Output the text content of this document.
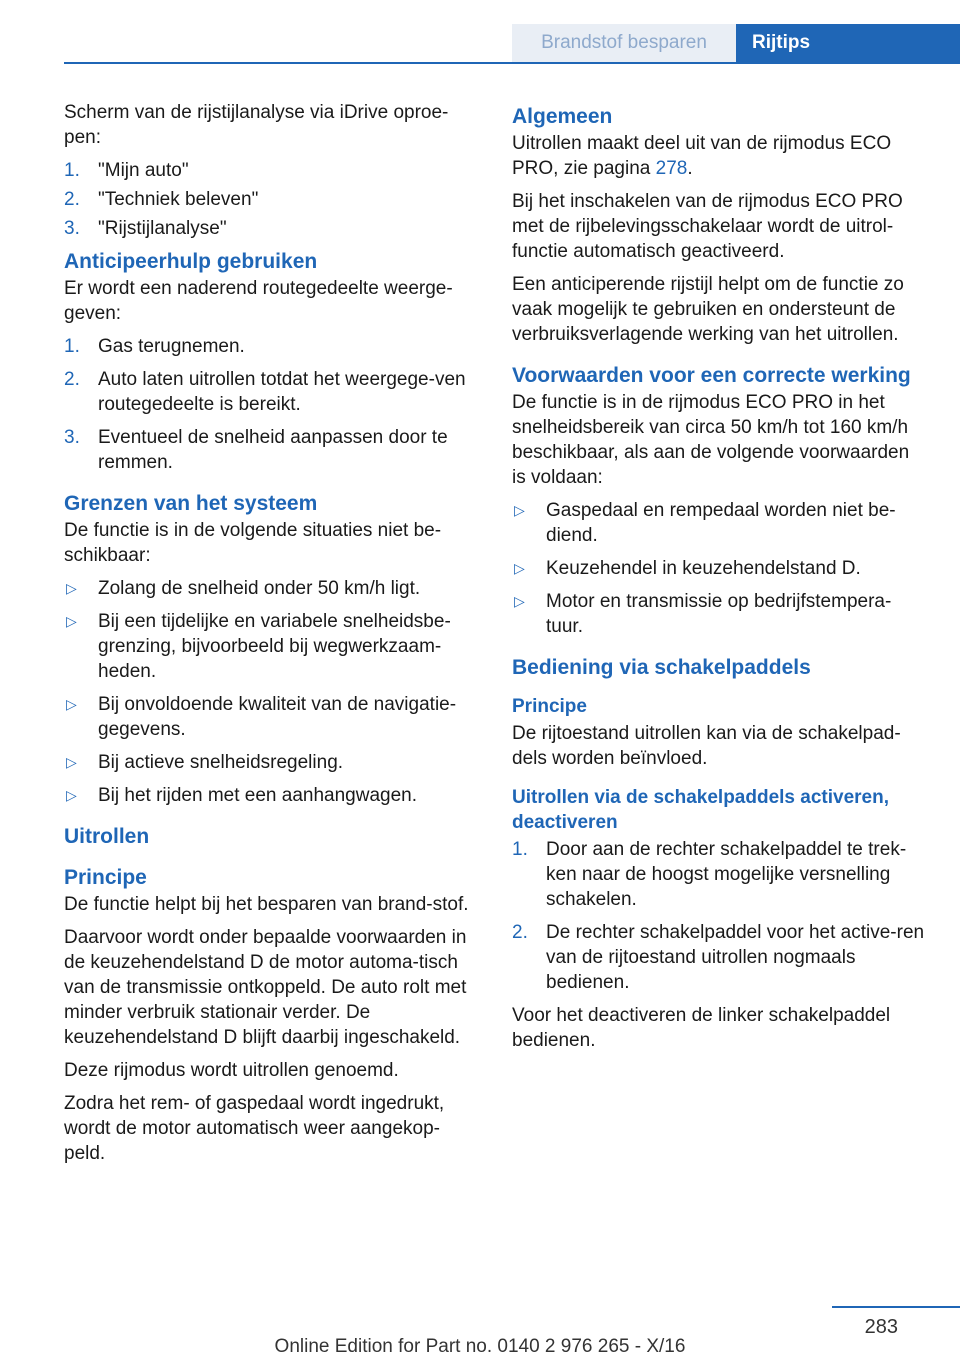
Brandstof besparen	Rijtips

Scherm van de rijstijlanalyse via iDrive oproe-pen:

1. "Mijn auto"
2. "Techniek beleven"
3. "Rijstijlanalyse"
Anticipeerhulp gebruiken

Er wordt een naderend routegedeelte weerge-geven:

1. Gas terugnemen.
2. Auto laten uitrollen totdat het weergege-ven routegedeelte is bereikt.
3. Eventueel de snelheid aanpassen door te remmen.
Grenzen van het systeem

De functie is in de volgende situaties niet be-schikbaar:

▷ Zolang de snelheid onder 50 km/h ligt.
▷ Bij een tijdelijke en variabele snelheidsbe-grenzing, bijvoorbeeld bij wegwerkzaam-heden.
▷ Bij onvoldoende kwaliteit van de navigatie-gegevens.
▷ Bij actieve snelheidsregeling.
▷ Bij het rijden met een aanhangwagen.
Uitrollen
Principe

De functie helpt bij het besparen van brand-stof.

Daarvoor wordt onder bepaalde voorwaarden in de keuzehendelstand D de motor automa-tisch van de transmissie ontkoppeld. De auto rolt met minder verbruik stationair verder. De keuzehendelstand D blijft daarbij ingeschakeld.

Deze rijmodus wordt uitrollen genoemd.

Zodra het rem- of gaspedaal wordt ingedrukt, wordt de motor automatisch weer aangekop-peld.

Algemeen

Uitrollen maakt deel uit van de rijmodus ECO PRO, zie pagina 278.

Bij het inschakelen van de rijmodus ECO PRO met de rijbelevingsschakelaar wordt de uitrol-functie automatisch geactiveerd.

Een anticiperende rijstijl helpt om de functie zo vaak mogelijk te gebruiken en ondersteunt de verbruiksverlagende werking van het uitrollen.

Voorwaarden voor een correcte werking

De functie is in de rijmodus ECO PRO in het snelheidsbereik van circa 50 km/h tot 160 km/h beschikbaar, als aan de volgende voorwaarden is voldaan:

▷ Gaspedaal en rempedaal worden niet be-diend.
▷ Keuzehendel in keuzehendelstand D.
▷ Motor en transmissie op bedrijfstempera-tuur.
Bediening via schakelpaddels
Principe

De rijtoestand uitrollen kan via de schakelpad-dels worden beïnvloed.

Uitrollen via de schakelpaddels activeren, deactiveren
1. Door aan de rechter schakelpaddel te trek-ken naar de hoogst mogelijke versnelling schakelen.
2. De rechter schakelpaddel voor het active-ren van de rijtoestand uitrollen nogmaals bedienen.

Voor het deactiveren de linker schakelpaddel bedienen.

283
Online Edition for Part no. 0140 2 976 265 - X/16
